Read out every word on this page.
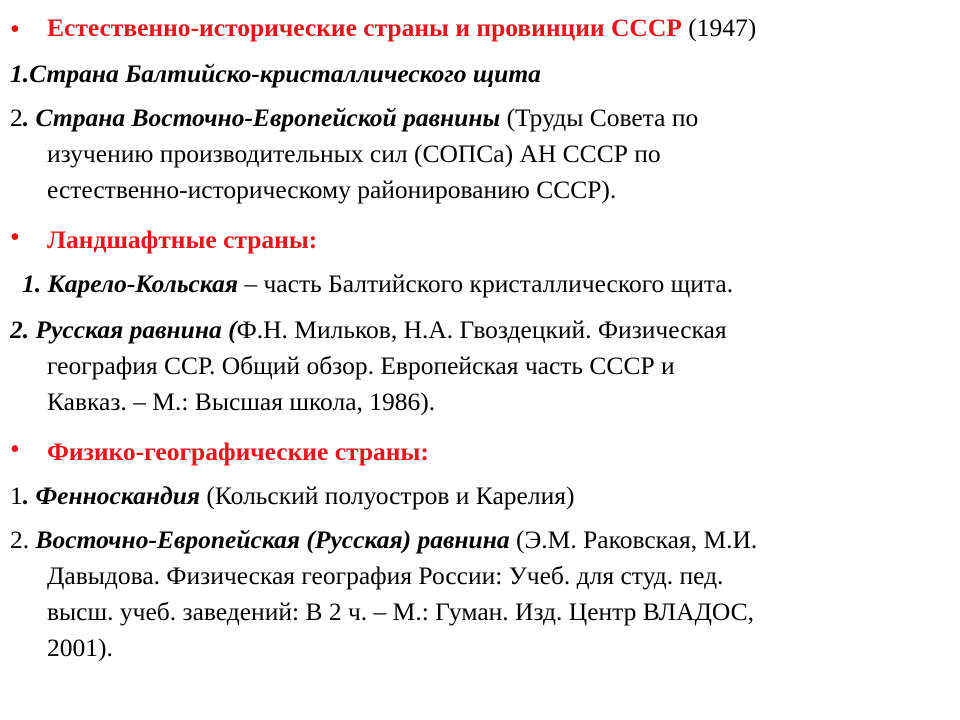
• Естественно-исторические страны и провинции СССР (1947)
1.Страна Балтийско-кристаллического щита
2. Страна Восточно-Европейской равнины (Труды Совета по
изучению производительных сил (СОПСа) АН СССР по
естественно-историческому районированию СССР).
• Ландшафтные страны:
1. Карело-Кольская – часть Балтийского кристаллического щита.
2. Русская равнина (Ф.Н. Мильков, Н.А. Гвоздецкий. Физическая
география ССР. Общий обзор. Европейская часть СССР и
Кавказ. – М.: Высшая школа, 1986).
• Физико-географические страны:
1. Фенноскандия (Кольский полуостров и Карелия)
2. Восточно-Европейская (Русская) равнина (Э.М. Раковская, М.И.
Давыдова. Физическая география России: Учеб. для студ. пед.
высш. учеб. заведений: В 2 ч. – М.: Гуман. Изд. Центр ВЛАДОС,
2001).
